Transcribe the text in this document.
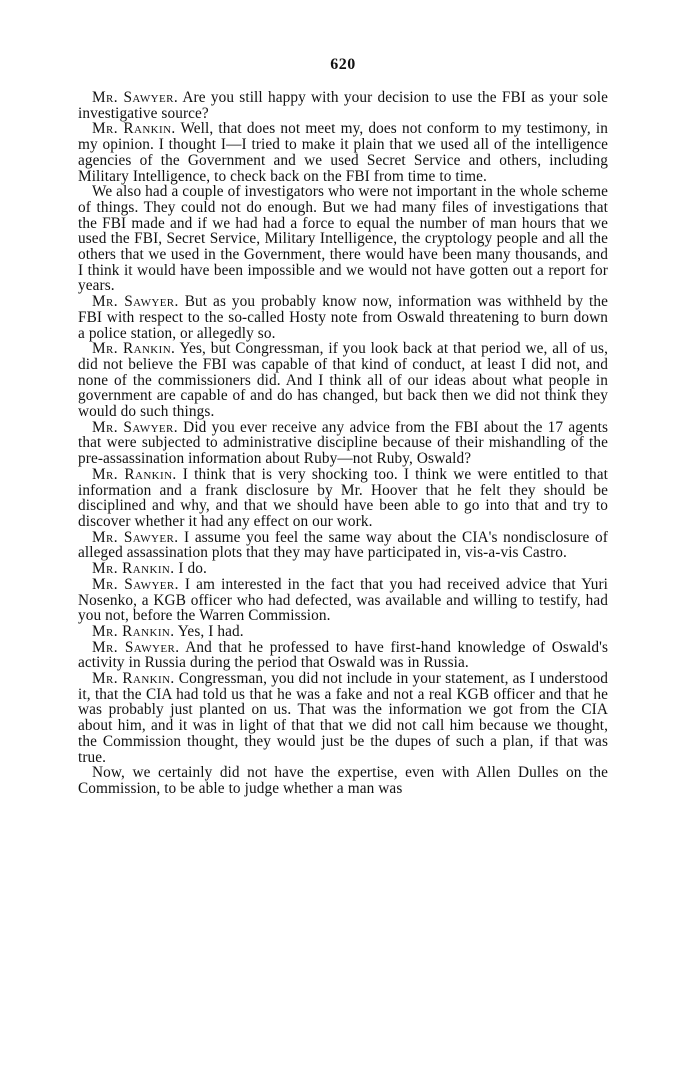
620

Mr. Sawyer. Are you still happy with your decision to use the FBI as your sole investigative source?

Mr. Rankin. Well, that does not meet my, does not conform to my testimony, in my opinion. I thought I—I tried to make it plain that we used all of the intelligence agencies of the Government and we used Secret Service and others, including Military Intelligence, to check back on the FBI from time to time.

We also had a couple of investigators who were not important in the whole scheme of things. They could not do enough. But we had many files of investigations that the FBI made and if we had had a force to equal the number of man hours that we used the FBI, Secret Service, Military Intelligence, the cryptology people and all the others that we used in the Government, there would have been many thousands, and I think it would have been impossible and we would not have gotten out a report for years.

Mr. Sawyer. But as you probably know now, information was withheld by the FBI with respect to the so-called Hosty note from Oswald threatening to burn down a police station, or allegedly so.

Mr. Rankin. Yes, but Congressman, if you look back at that period we, all of us, did not believe the FBI was capable of that kind of conduct, at least I did not, and none of the commissioners did. And I think all of our ideas about what people in government are capable of and do has changed, but back then we did not think they would do such things.

Mr. Sawyer. Did you ever receive any advice from the FBI about the 17 agents that were subjected to administrative discipline because of their mishandling of the pre-assassination information about Ruby—not Ruby, Oswald?

Mr. Rankin. I think that is very shocking too. I think we were entitled to that information and a frank disclosure by Mr. Hoover that he felt they should be disciplined and why, and that we should have been able to go into that and try to discover whether it had any effect on our work.

Mr. Sawyer. I assume you feel the same way about the CIA's nondisclosure of alleged assassination plots that they may have participated in, vis-a-vis Castro.

Mr. Rankin. I do.

Mr. Sawyer. I am interested in the fact that you had received advice that Yuri Nosenko, a KGB officer who had defected, was available and willing to testify, had you not, before the Warren Commission.

Mr. Rankin. Yes, I had.

Mr. Sawyer. And that he professed to have first-hand knowledge of Oswald's activity in Russia during the period that Oswald was in Russia.

Mr. Rankin. Congressman, you did not include in your statement, as I understood it, that the CIA had told us that he was a fake and not a real KGB officer and that he was probably just planted on us. That was the information we got from the CIA about him, and it was in light of that that we did not call him because we thought, the Commission thought, they would just be the dupes of such a plan, if that was true.

Now, we certainly did not have the expertise, even with Allen Dulles on the Commission, to be able to judge whether a man was
